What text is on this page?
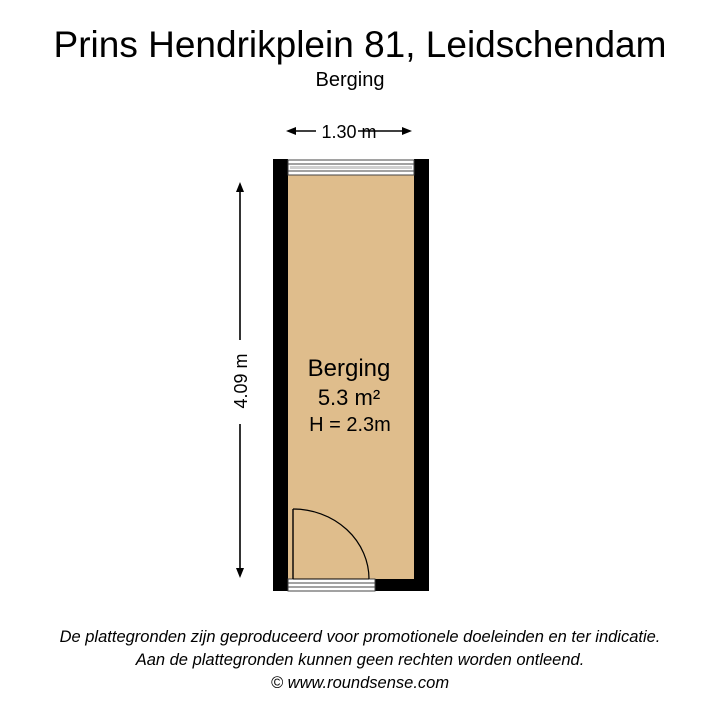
Prins Hendrikplein 81, Leidschendam
Berging
1.30 m
4.09 m Berging
5.3 m²
H = 2.3m
De plattegronden zijn geproduceerd voor promotionele doeleinden en ter indicatie.
Aan de plattegronden kunnen geen rechten worden ontleend.
© www.roundsense.com
